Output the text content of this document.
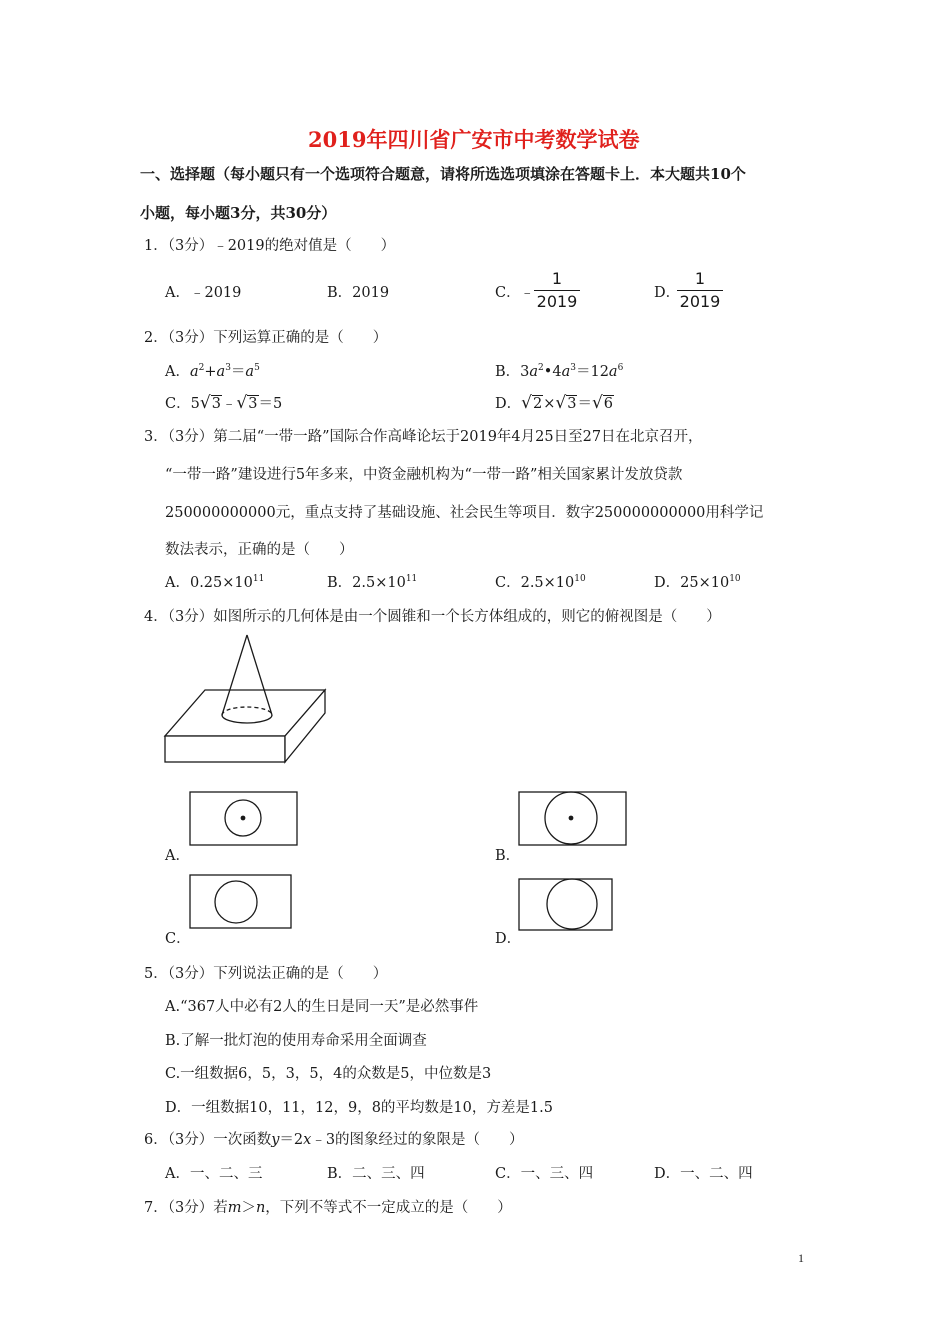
2019年四川省广安市中考数学试卷
一、选择题（每小题只有一个选项符合题意，请将所选选项填涂在答题卡上．本大题共10个
小题，每小题3分，共30分）
1．（3分）﹣2019的绝对值是（　　）
A．﹣2019	B．2019	C． ﹣
1
2019	D．
1
2019
2．（3分）下列运算正确的是（　　）
A．$a^2+a^3=a^5$	B．$3a^2•4a^3=12a^6$
C．5√3﹣√3＝5	D．√2×√3＝√6
3．（3分）第二届“一带一路”国际合作高峰论坛于2019年4月25日至27日在北京召开，
“一带一路”建设进行5年多来，中资金融机构为“一带一路”相关国家累计发放贷款
250000000000元，重点支持了基础设施、社会民生等项目．数字250000000000用科学记
数法表示，正确的是（　　）
A．$0.25\times 10^{11}$	B．$2.5\times 10^{11}$	C．$2.5\times 10^{10}$	D．$25\times 10^{10}$
4．（3分）如图所示的几何体是由一个圆锥和一个长方体组成的，则它的俯视图是（　　）
A．	B．
C．	D．
5．（3分）下列说法正确的是（　　）
A.“367人中必有2人的生日是同一天”是必然事件
B.了解一批灯泡的使用寿命采用全面调查
C.一组数据6，5，3，5，4的众数是5，中位数是3
D．一组数据10，11，12，9，8的平均数是10，方差是1.5
6．（3分）一次函数y＝2x﹣3的图象经过的象限是（　　）
A．一、二、三	B．二、三、四	C．一、三、四	D．一、二、四
7．（3分）若m＞n，下列不等式不一定成立的是（　　）
1
